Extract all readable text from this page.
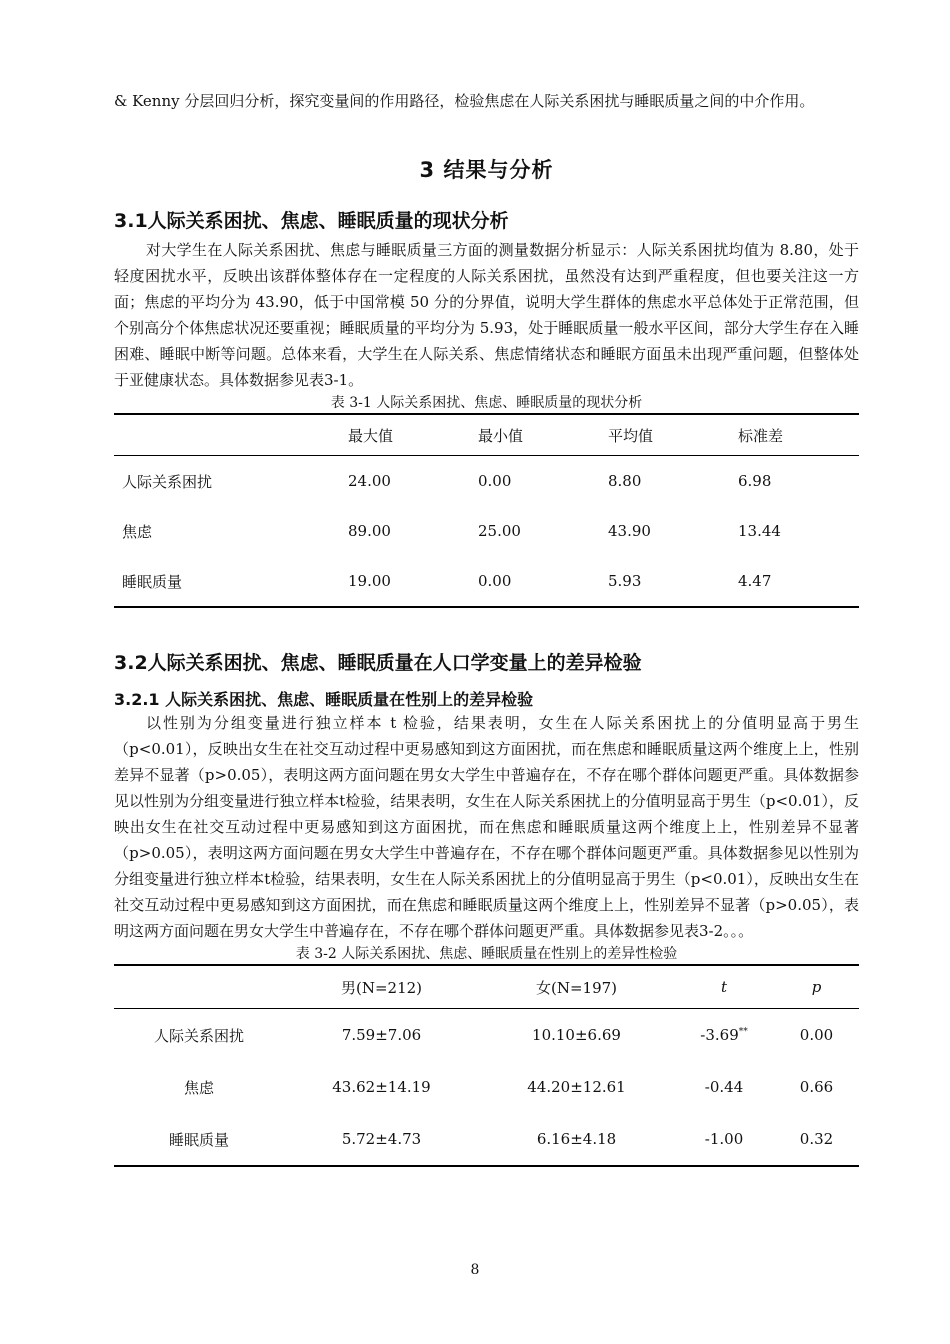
& Kenny 分层回归分析，探究变量间的作用路径，检验焦虑在人际关系困扰与睡眠质量之间的中介作用。

3 结果与分析
3.1人际关系困扰、焦虑、睡眠质量的现状分析

对大学生在人际关系困扰、焦虑与睡眠质量三方面的测量数据分析显示：人际关系困扰均值为 8.80，处于轻度困扰水平，反映出该群体整体存在一定程度的人际关系困扰，虽然没有达到严重程度，但也要关注这一方面；焦虑的平均分为 43.90，低于中国常模 50 分的分界值，说明大学生群体的焦虑水平总体处于正常范围，但个别高分个体焦虑状况还要重视；睡眠质量的平均分为 5.93，处于睡眠质量一般水平区间，部分大学生存在入睡困难、睡眠中断等问题。总体来看，大学生在人际关系、焦虑情绪状态和睡眠方面虽未出现严重问题，但整体处于亚健康状态。具体数据参见表3-1。

表 3-1 人际关系困扰、焦虑、睡眠质量的现状分析

	最大值	最小值	平均值	标准差
人际关系困扰	24.00	0.00	8.80	6.98
焦虑	89.00	25.00	43.90	13.44
睡眠质量	19.00	0.00	5.93	4.47
3.2人际关系困扰、焦虑、睡眠质量在人口学变量上的差异检验
3.2.1 人际关系困扰、焦虑、睡眠质量在性别上的差异检验

以性别为分组变量进行独立样本 t 检验，结果表明，女生在人际关系困扰上的分值明显高于男生（p<0.01），反映出女生在社交互动过程中更易感知到这方面困扰，而在焦虑和睡眠质量这两个维度上上，性别差异不显著（p>0.05），表明这两方面问题在男女大学生中普遍存在，不存在哪个群体问题更严重。具体数据参见以性别为分组变量进行独立样本t检验，结果表明，女生在人际关系困扰上的分值明显高于男生（p<0.01），反映出女生在社交互动过程中更易感知到这方面困扰，而在焦虑和睡眠质量这两个维度上上，性别差异不显著（p>0.05），表明这两方面问题在男女大学生中普遍存在，不存在哪个群体问题更严重。具体数据参见以性别为分组变量进行独立样本t检验，结果表明，女生在人际关系困扰上的分值明显高于男生（p<0.01），反映出女生在社交互动过程中更易感知到这方面困扰，而在焦虑和睡眠质量这两个维度上上，性别差异不显著（p>0.05），表明这两方面问题在男女大学生中普遍存在，不存在哪个群体问题更严重。具体数据参见表3-2。。。

表 3-2 人际关系困扰、焦虑、睡眠质量在性别上的差异性检验

	男(N=212)	女(N=197)	t	p
人际关系困扰	7.59±7.06	10.10±6.69	-3.69**	0.00
焦虑	43.62±14.19	44.20±12.61	-0.44	0.66
睡眠质量	5.72±4.73	6.16±4.18	-1.00	0.32
8
